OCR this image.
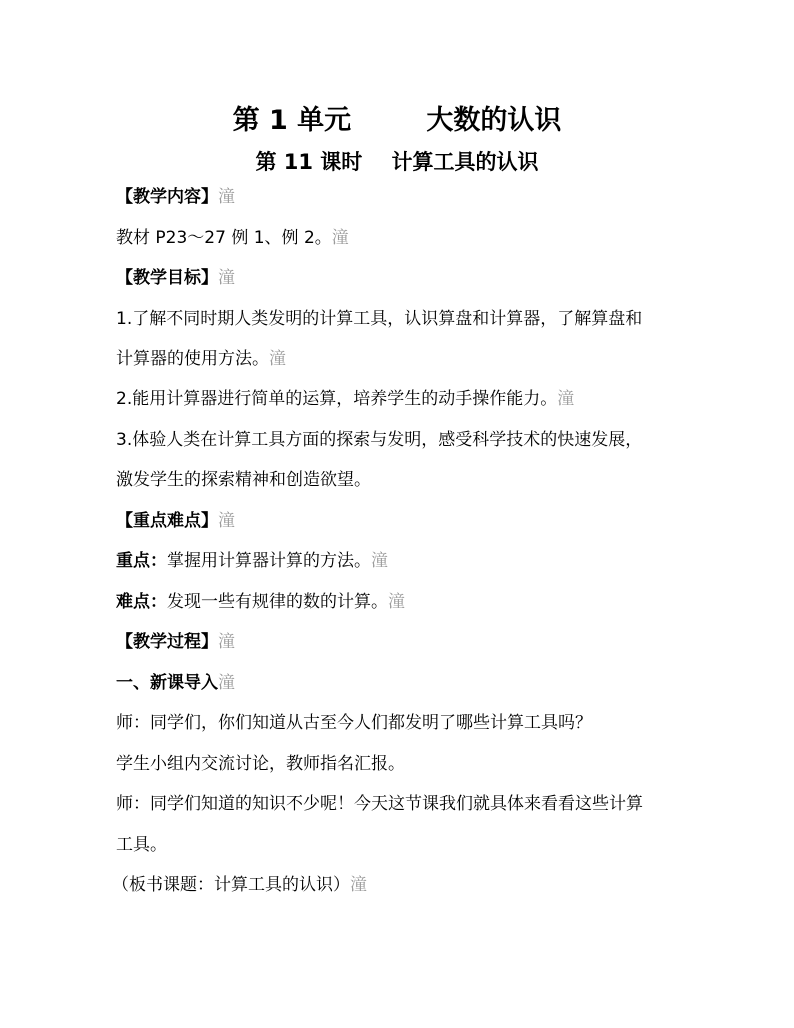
第 1 单元        大数的认识
第 11 课时    计算工具的认识
【教学内容】潼
教材 P23～27 例 1、例 2。潼
【教学目标】潼
1.了解不同时期人类发明的计算工具，认识算盘和计算器，了解算盘和
计算器的使用方法。潼
2.能用计算器进行简单的运算，培养学生的动手操作能力。潼
3.体验人类在计算工具方面的探索与发明，感受科学技术的快速发展，
激发学生的探索精神和创造欲望。
【重点难点】潼
重点：掌握用计算器计算的方法。潼
难点：发现一些有规律的数的计算。潼
【教学过程】潼
一、新课导入潼
师：同学们，你们知道从古至今人们都发明了哪些计算工具吗？
学生小组内交流讨论，教师指名汇报。
师：同学们知道的知识不少呢！今天这节课我们就具体来看看这些计算
工具。
（板书课题：计算工具的认识）潼
